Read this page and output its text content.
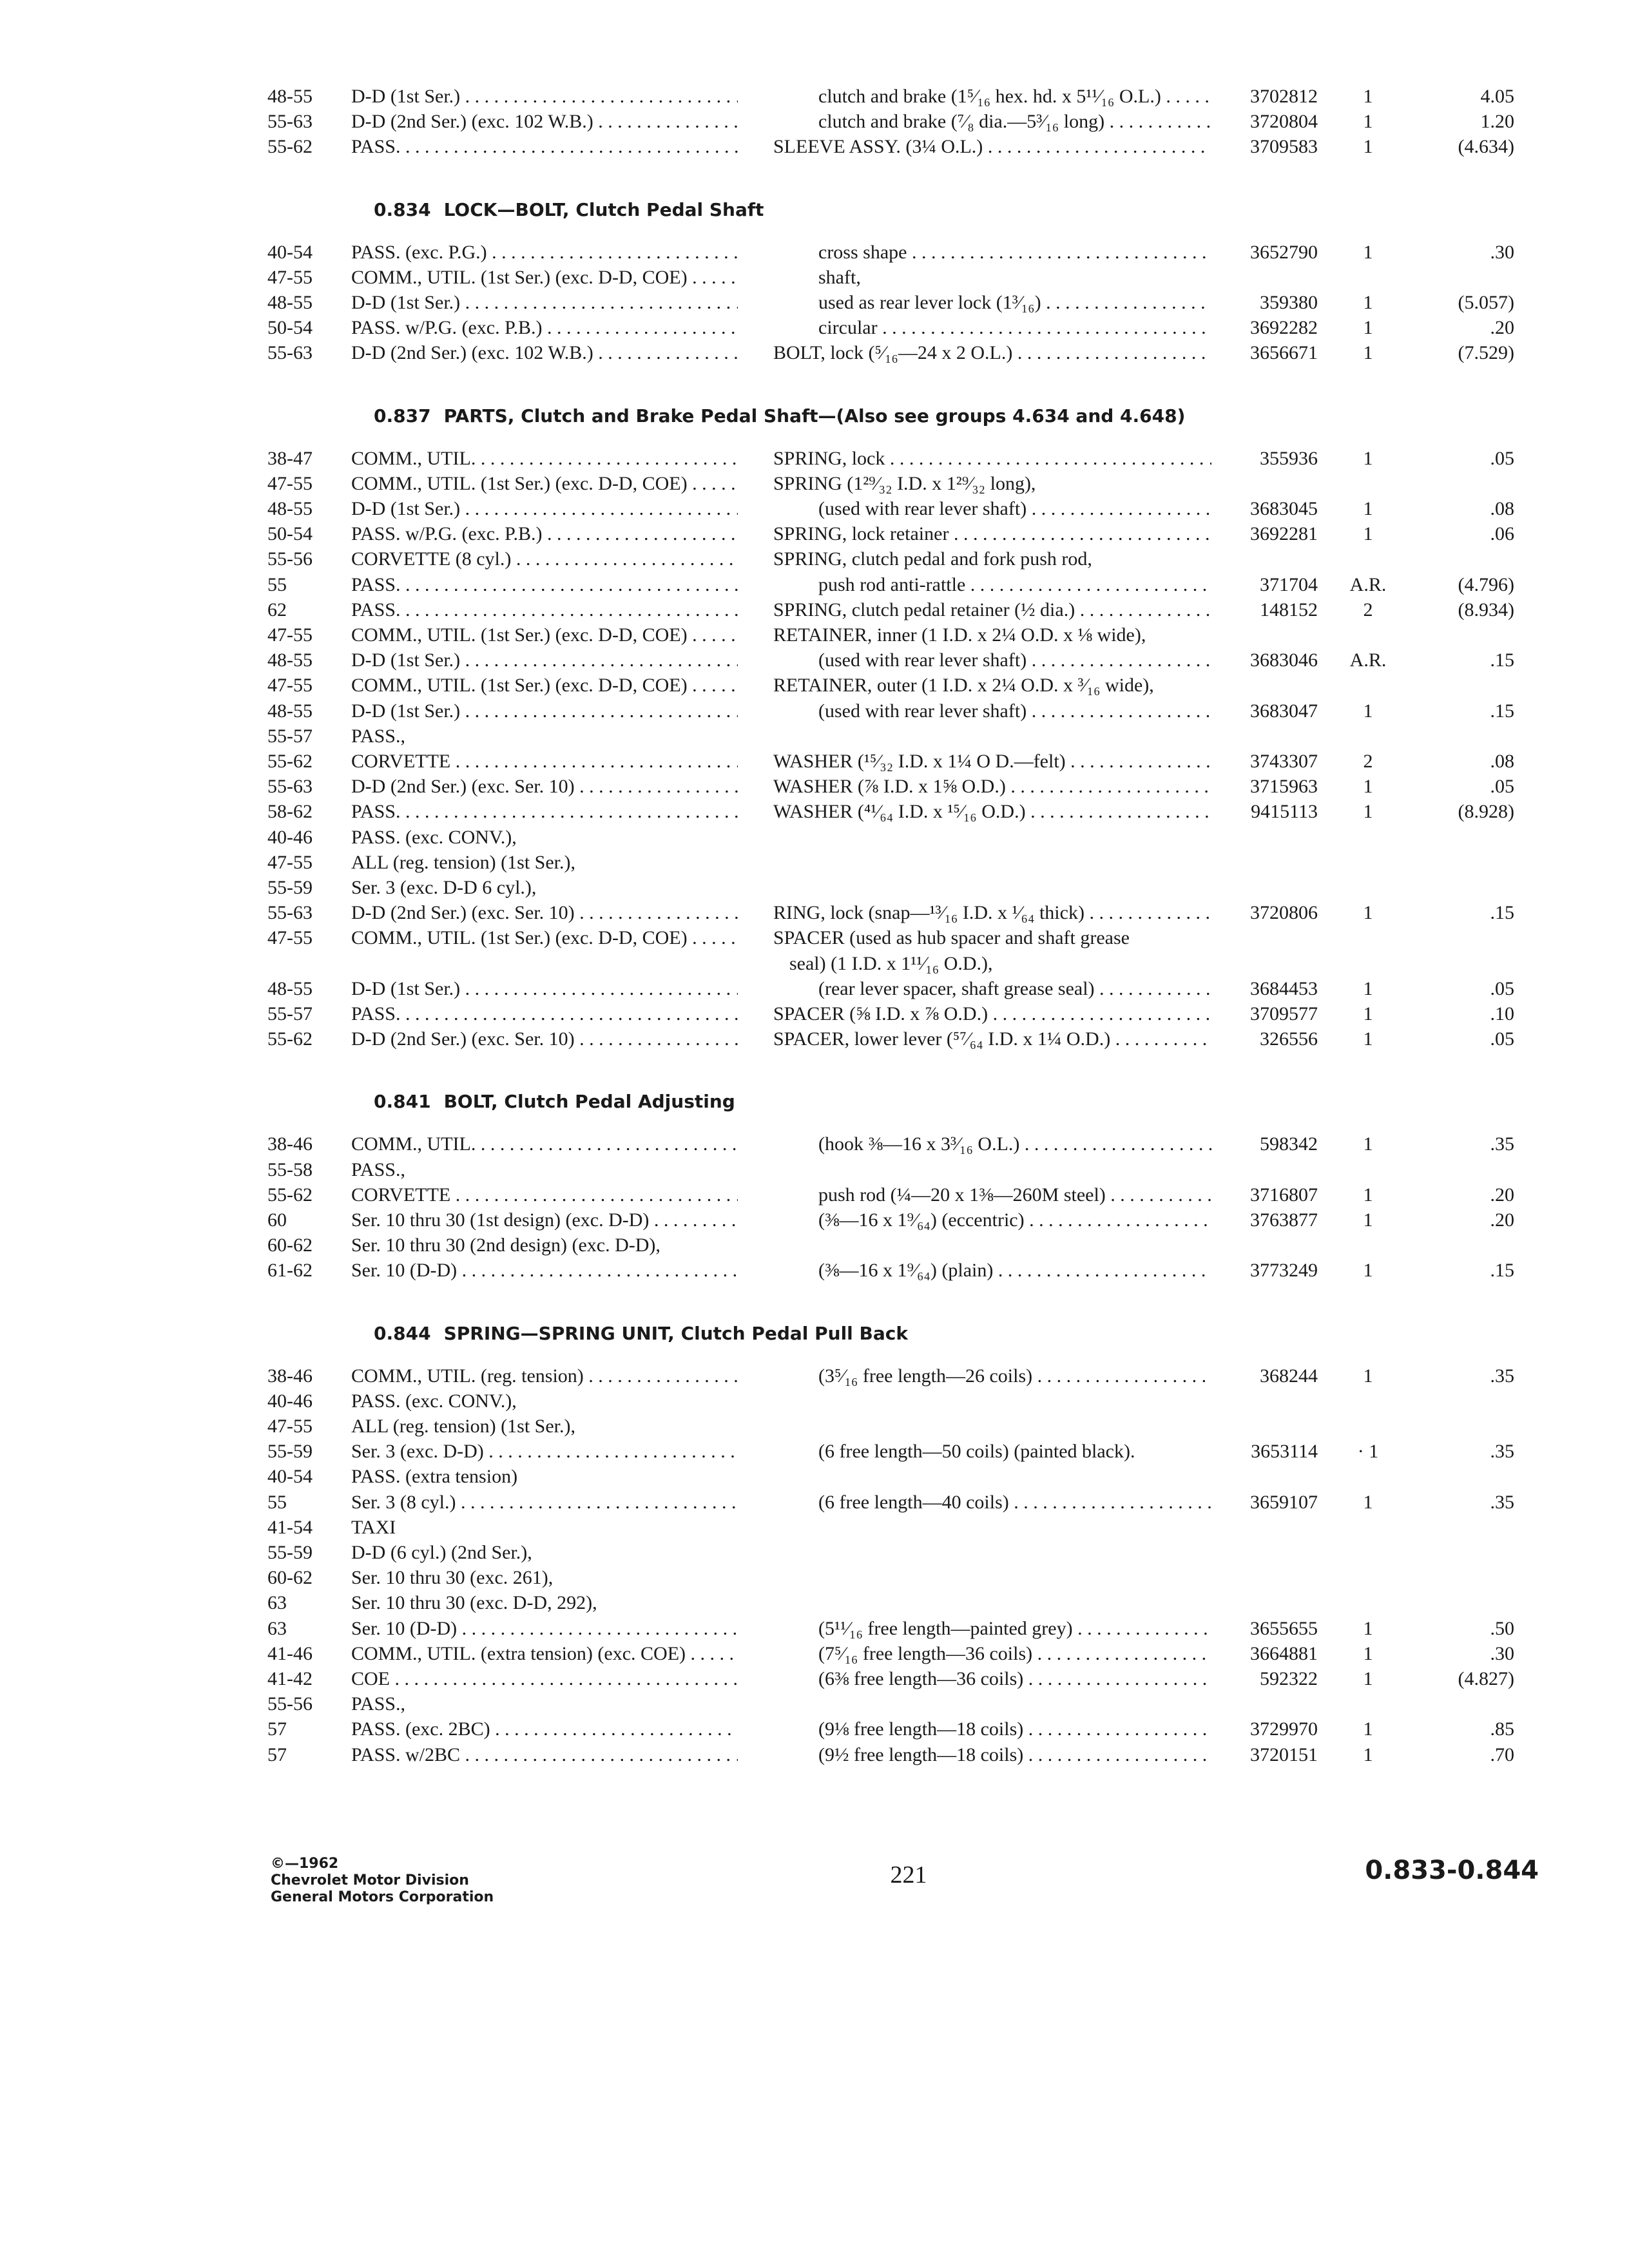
48-55 D-D (1st Ser.) . . .	clutch and brake (1⁵⁄₁₆ hex. hd. x 5¹¹⁄₁₆ O.L.) . . .	3702812	1	4.05
55-63 D-D (2nd Ser.) (exc. 102 W.B.) . . .	clutch and brake (⁷⁄₈ dia.—5³⁄₁₆ long) . . .	3720804	1	1.20
55-62 PASS. . . .	SLEEVE ASSY. (3¼ O.L.) . . .	3709583	1	(4.634)
0.834 LOCK—BOLT, Clutch Pedal Shaft
40-54 PASS. (exc. P.G.) . . .	cross shape . . .	3652790	1	.30
47-55 COMM., UTIL. (1st Ser.) (exc. D-D, COE) . . .	shaft,
48-55 D-D (1st Ser.) . . .	used as rear lever lock (1³⁄₁₆) . . .	359380	1	(5.057)
50-54 PASS. w/P.G. (exc. P.B.) . . .	circular . . .	3692282	1	.20
55-63 D-D (2nd Ser.) (exc. 102 W.B.) . . .	BOLT, lock (⁵⁄₁₆—24 x 2 O.L.) . . .	3656671	1	(7.529)
0.837 PARTS, Clutch and Brake Pedal Shaft—(Also see groups 4.634 and 4.648)
38-47 COMM., UTIL. . . .	SPRING, lock . . .	355936	1	.05
47-55 COMM., UTIL. (1st Ser.) (exc. D-D, COE) . . .	SPRING (1²⁹⁄₃₂ I.D. x 1²⁹⁄₃₂ long),
48-55 D-D (1st Ser.) . . .	(used with rear lever shaft) . . .	3683045	1	.08
50-54 PASS. w/P.G. (exc. P.B.) . . .	SPRING, lock retainer . . .	3692281	1	.06
55-56 CORVETTE (8 cyl.) . . .	SPRING, clutch pedal and fork push rod,
55	PASS. . . .	push rod anti-rattle . . .	371704	A.R.	(4.796)
62	PASS. . . .	SPRING, clutch pedal retainer (½ dia.) . . .	148152	2	(8.934)
47-55 COMM., UTIL. (1st Ser.) (exc. D-D, COE) . . .	RETAINER, inner (1 I.D. x 2¼ O.D. x ⅛ wide),
48-55 D-D (1st Ser.) . . .	(used with rear lever shaft) . . .	3683046	A.R.	.15
47-55 COMM., UTIL. (1st Ser.) (exc. D-D, COE) . . .	RETAINER, outer (1 I.D. x 2¼ O.D. x ³⁄₁₆ wide),
48-55 D-D (1st Ser.) . . .	(used with rear lever shaft) . . .	3683047	1	.15
55-57 PASS.,
55-62 CORVETTE . . .	WASHER (¹⁵⁄₃₂ I.D. x 1¼ O D.—felt) . . .	3743307	2	.08
55-63 D-D (2nd Ser.) (exc. Ser. 10) . . .	WASHER (⅞ I.D. x 1⅝ O.D.) . . .	3715963	1	.05
58-62 PASS. . . .	WASHER (⁴¹⁄₆₄ I.D. x ¹⁵⁄₁₆ O.D.) . . .	9415113	1	(8.928)
40-46 PASS. (exc. CONV.),
47-55 ALL (reg. tension) (1st Ser.),
55-59 Ser. 3 (exc. D-D 6 cyl.),
55-63 D-D (2nd Ser.) (exc. Ser. 10) . . .	RING, lock (snap—¹³⁄₁₆ I.D. x ¹⁄₆₄ thick) . . .	3720806	1	.15
47-55 COMM., UTIL. (1st Ser.) (exc. D-D, COE) . . .	SPACER (used as hub spacer and shaft grease
seal) (1 I.D. x 1¹¹⁄₁₆ O.D.),
48-55 D-D (1st Ser.) . . .	(rear lever spacer, shaft grease seal) . . .	3684453	1	.05
55-57 PASS. . . .	SPACER (⅝ I.D. x ⅞ O.D.) . . .	3709577	1	.10
55-62 D-D (2nd Ser.) (exc. Ser. 10) . . .	SPACER, lower lever (⁵⁷⁄₆₄ I.D. x 1¼ O.D.) . . .	326556	1	.05
0.841 BOLT, Clutch Pedal Adjusting
38-46 COMM., UTIL. . . .	(hook ⅜—16 x 3³⁄₁₆ O.L.) . . .	598342	1	.35
55-58 PASS.,
55-62 CORVETTE . . .	push rod (¼—20 x 1⅜—260M steel) . . .	3716807	1	.20
60	Ser. 10 thru 30 (1st design) (exc. D-D) . . .	(⅜—16 x 1⁹⁄₆₄) (eccentric) . . .	3763877	1	.20
60-62 Ser. 10 thru 30 (2nd design) (exc. D-D),
61-62 Ser. 10 (D-D) . . .	(⅜—16 x 1⁹⁄₆₄) (plain) . . .	3773249	1	.15
0.844 SPRING—SPRING UNIT, Clutch Pedal Pull Back
38-46 COMM., UTIL. (reg. tension) . . .	(3⁵⁄₁₆ free length—26 coils) . . .	368244	1	.35
40-46 PASS. (exc. CONV.),
47-55 ALL (reg. tension) (1st Ser.),
55-59 Ser. 3 (exc. D-D) . . .	(6 free length—50 coils) (painted black).	3653114	· 1	.35
40-54 PASS. (extra tension)
55	Ser. 3 (8 cyl.) . . .	(6 free length—40 coils) . . .	3659107	1	.35
41-54 TAXI
55-59 D-D (6 cyl.) (2nd Ser.),
60-62 Ser. 10 thru 30 (exc. 261),
63	Ser. 10 thru 30 (exc. D-D, 292),
63	Ser. 10 (D-D) . . .	(5¹¹⁄₁₆ free length—painted grey) . . .	3655655	1	.50
41-46 COMM., UTIL. (extra tension) (exc. COE) . . .	(7⁵⁄₁₆ free length—36 coils) . . .	3664881	1	.30
41-42 COE . . .	(6⅜ free length—36 coils) . . .	592322	1	(4.827)
55-56 PASS.,
57	PASS. (exc. 2BC) . . .	(9⅛ free length—18 coils) . . .	3729970	1	.85
57	PASS. w/2BC . . .	(9½ free length—18 coils) . . .	3720151	1	.70
©—1962
Chevrolet Motor Division
General Motors Corporation
221	0.833-0.844
